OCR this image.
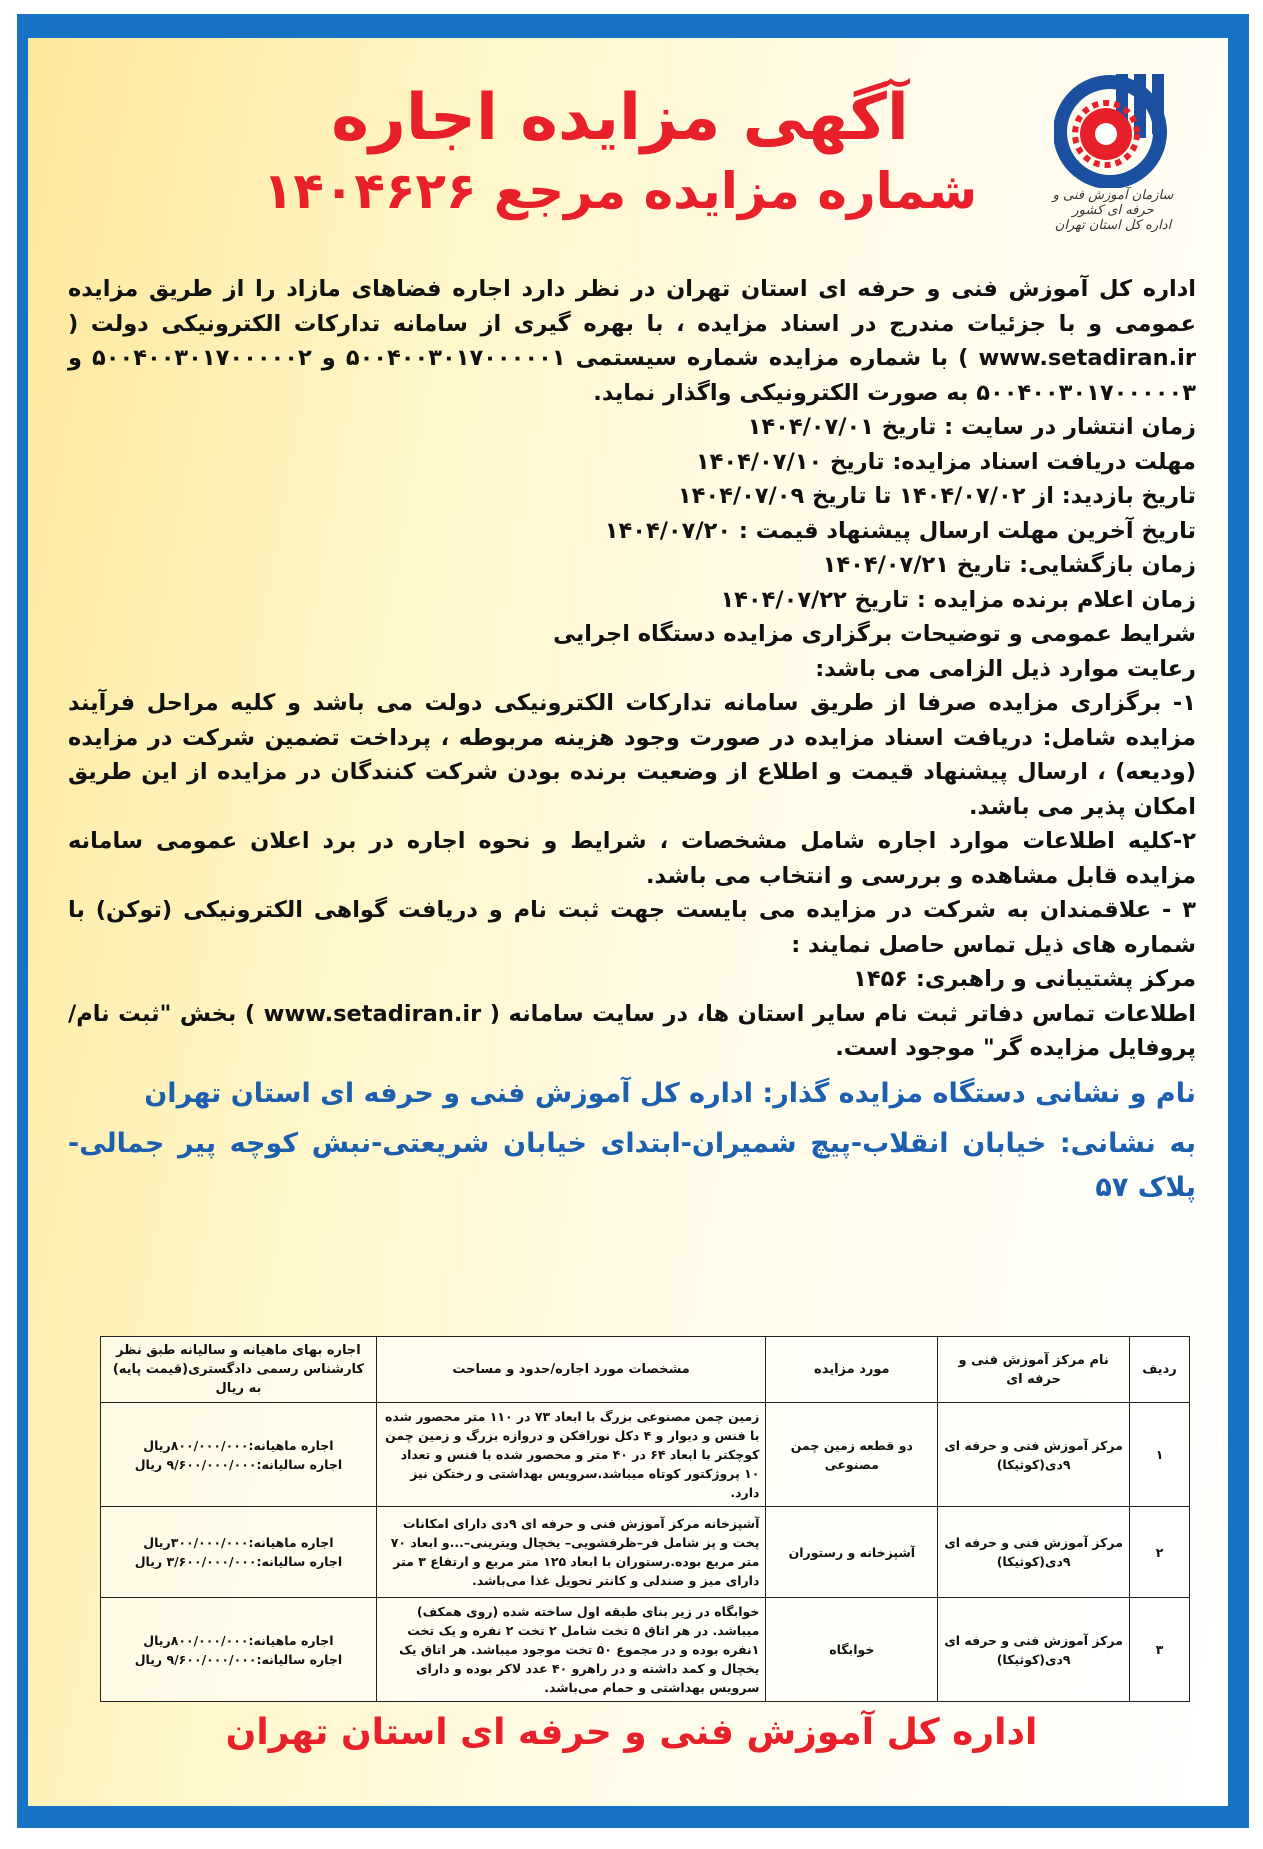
سازمان آموزش فنی و حرفه ای کشور
اداره کل استان تهران
آگهی مزایده اجاره
شماره مزایده مرجع ۱۴۰۴۶۲۶

اداره کل آموزش فنی و حرفه ای استان تهران در نظر دارد اجاره فضاهای مازاد را از طریق مزایده عمومی و با جزئیات مندرج در اسناد مزایده ، با بهره گیری از سامانه تدارکات الکترونیکی دولت ( www.setadiran.ir ) با شماره مزایده شماره سیستمی ۵۰۰۴۰۰۳۰۱۷۰۰۰۰۰۱ و ۵۰۰۴۰۰۳۰۱۷۰۰۰۰۰۲ و ۵۰۰۴۰۰۳۰۱۷۰۰۰۰۰۳ به صورت الکترونیکی واگذار نماید.

زمان انتشار در سایت : تاریخ ۱۴۰۴/۰۷/۰۱

مهلت دریافت اسناد مزایده: تاریخ ۱۴۰۴/۰۷/۱۰

تاریخ بازدید: از ۱۴۰۴/۰۷/۰۲ تا تاریخ ۱۴۰۴/۰۷/۰۹

تاریخ آخرین مهلت ارسال پیشنهاد قیمت : ۱۴۰۴/۰۷/۲۰

زمان بازگشایی: تاریخ ۱۴۰۴/۰۷/۲۱

زمان اعلام برنده مزایده : تاریخ ۱۴۰۴/۰۷/۲۲

شرایط عمومی و توضیحات برگزاری مزایده دستگاه اجرایی

رعایت موارد ذیل الزامی می باشد:

۱- برگزاری مزایده صرفا از طریق سامانه تدارکات الکترونیکی دولت می باشد و کلیه مراحل فرآیند مزایده شامل: دریافت اسناد مزایده در صورت وجود هزینه مربوطه ، پرداخت تضمین شرکت در مزایده (ودیعه) ، ارسال پیشنهاد قیمت و اطلاع از وضعیت برنده بودن شرکت کنندگان در مزایده از این طریق امکان پذیر می باشد.

۲-کلیه اطلاعات موارد اجاره شامل مشخصات ، شرایط و نحوه اجاره در برد اعلان عمومی سامانه مزایده قابل مشاهده و بررسی و انتخاب می باشد.

۳ - علاقمندان به شرکت در مزایده می بایست جهت ثبت نام و دریافت گواهی الکترونیکی (توکن) با شماره های ذیل تماس حاصل نمایند :

مرکز پشتیبانی و راهبری: ۱۴۵۶

اطلاعات تماس دفاتر ثبت نام سایر استان ها، در سایت سامانه ( www.setadiran.ir ) بخش "ثبت نام/ پروفایل مزایده گر" موجود است.

نام و نشانی دستگاه مزایده گذار: اداره کل آموزش فنی و حرفه ای استان تهران

به نشانی: خیابان انقلاب-پیچ شمیران-ابتدای خیابان شریعتی-نبش کوچه پیر جمالی- پلاک ۵۷

ردیف	نام مرکز آموزش فنی و حرفه ای	مورد مزایده	مشخصات مورد اجاره/حدود و مساحت	اجاره بهای ماهیانه و سالیانه طبق نظر کارشناس رسمی دادگستری(قیمت پایه) به ریال
۱	مرکز آموزش فنی و حرفه ای ۹دی(کوثیکا)	دو قطعه زمین چمن مصنوعی	زمین چمن مصنوعی بزرگ با ابعاد ۷۳ در ۱۱۰ متر محصور شده با فنس و دیوار و ۴ دکل نورافکن و دروازه بزرگ و زمین چمن کوچکتر با ابعاد ۶۴ در ۴۰ متر و محصور شده با فنس و تعداد ۱۰ پروژکتور کوتاه میباشد.سرویس بهداشتی و رختکن نیز دارد.	اجاره ماهیانه:۸۰۰/۰۰۰/۰۰۰ریال
اجاره سالیانه:۹/۶۰۰/۰۰۰/۰۰۰ ریال

۲	مرکز آموزش فنی و حرفه ای ۹دی(کوثیکا)	آشپزخانه و رستوران	آشپزخانه مرکز آموزش فنی و حرفه ای ۹دی دارای امکانات پخت و پز شامل فر–ظرفشویی– یخچال ویترینی–...و ابعاد ۷۰ متر مربع بوده.رستوران با ابعاد ۱۲۵ متر مربع و ارتفاع ۳ متر دارای میز و صندلی و کانتر تحویل غذا می‌باشد.	اجاره ماهیانه:۳۰۰/۰۰۰/۰۰۰ریال
اجاره سالیانه:۳/۶۰۰/۰۰۰/۰۰۰ ریال

۳	مرکز آموزش فنی و حرفه ای ۹دی(کوثیکا)	خوابگاه	خوابگاه در زیر بنای طبقه اول ساخته شده (روی همکف) میباشد. در هر اتاق ۵ تخت شامل ۲ تخت ۲ نفره و یک تخت ۱نفره بوده و در مجموع ۵۰ تخت موجود میباشد. هر اتاق یک یخچال و کمد داشته و در راهرو ۴۰ عدد لاکر بوده و دارای سرویس بهداشتی و حمام می‌باشد.	اجاره ماهیانه:۸۰۰/۰۰۰/۰۰۰ریال
اجاره سالیانه:۹/۶۰۰/۰۰۰/۰۰۰ ریال
اداره کل آموزش فنی و حرفه ای استان تهران
